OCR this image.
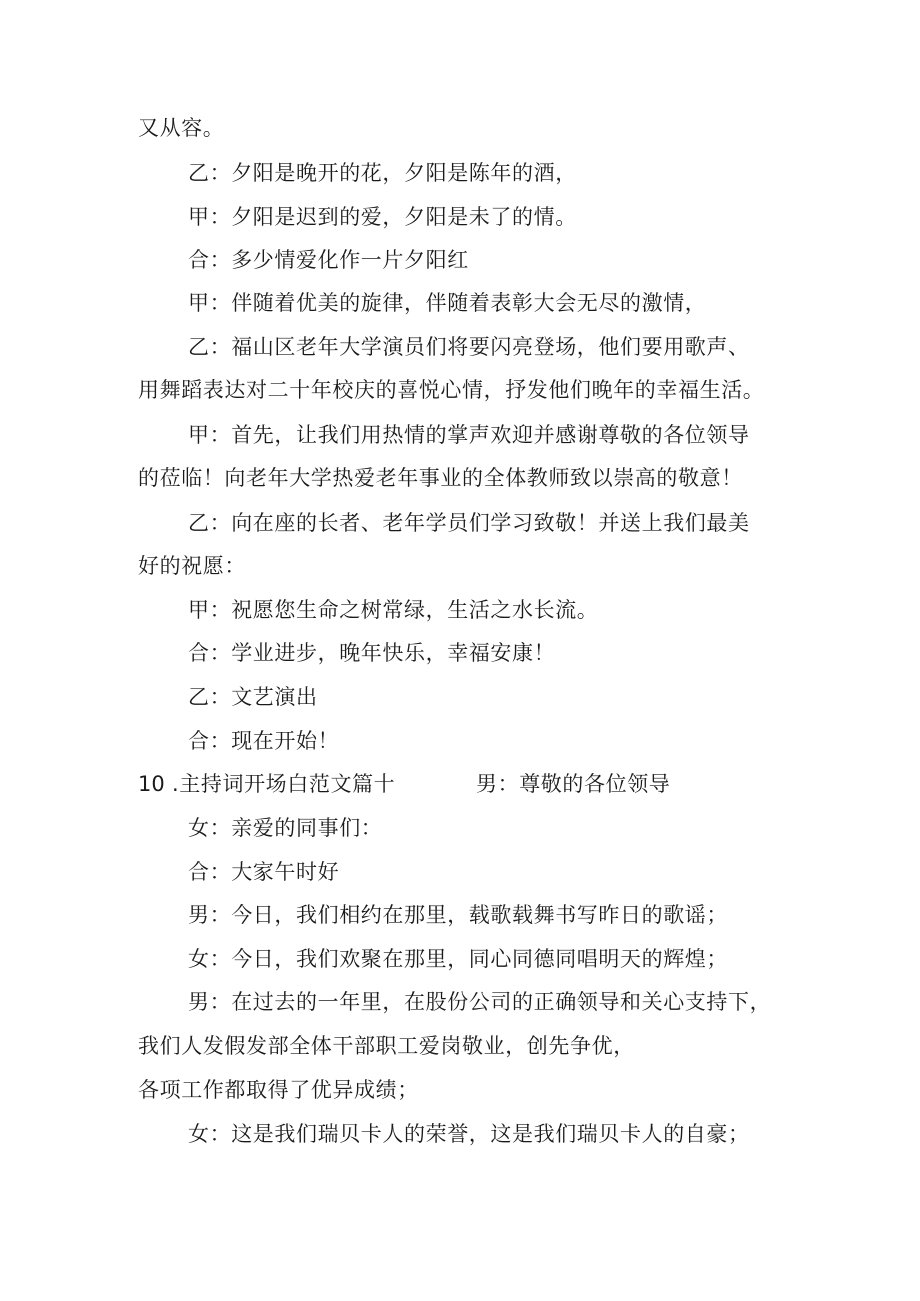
又从容。
乙：夕阳是晚开的花，夕阳是陈年的酒，
甲：夕阳是迟到的爱，夕阳是未了的情。
合：多少情爱化作一片夕阳红
甲：伴随着优美的旋律，伴随着表彰大会无尽的激情，
乙：福山区老年大学演员们将要闪亮登场，他们要用歌声、
用舞蹈表达对二十年校庆的喜悦心情，抒发他们晚年的幸福生活。
甲：首先，让我们用热情的掌声欢迎并感谢尊敬的各位领导
的莅临！向老年大学热爱老年事业的全体教师致以崇高的敬意！
乙：向在座的长者、老年学员们学习致敬！并送上我们最美
好的祝愿：
甲：祝愿您生命之树常绿，生活之水长流。
合：学业进步，晚年快乐，幸福安康！
乙：文艺演出
合：现在开始！
10 .主持词开场白范文篇十	男：尊敬的各位领导
女：亲爱的同事们：
合：大家午时好
男：今日，我们相约在那里，载歌载舞书写昨日的歌谣；
女：今日，我们欢聚在那里，同心同德同唱明天的辉煌；
男：在过去的一年里，在股份公司的正确领导和关心支持下，
我们人发假发部全体干部职工爱岗敬业，创先争优，
各项工作都取得了优异成绩；
女：这是我们瑞贝卡人的荣誉，这是我们瑞贝卡人的自豪；
